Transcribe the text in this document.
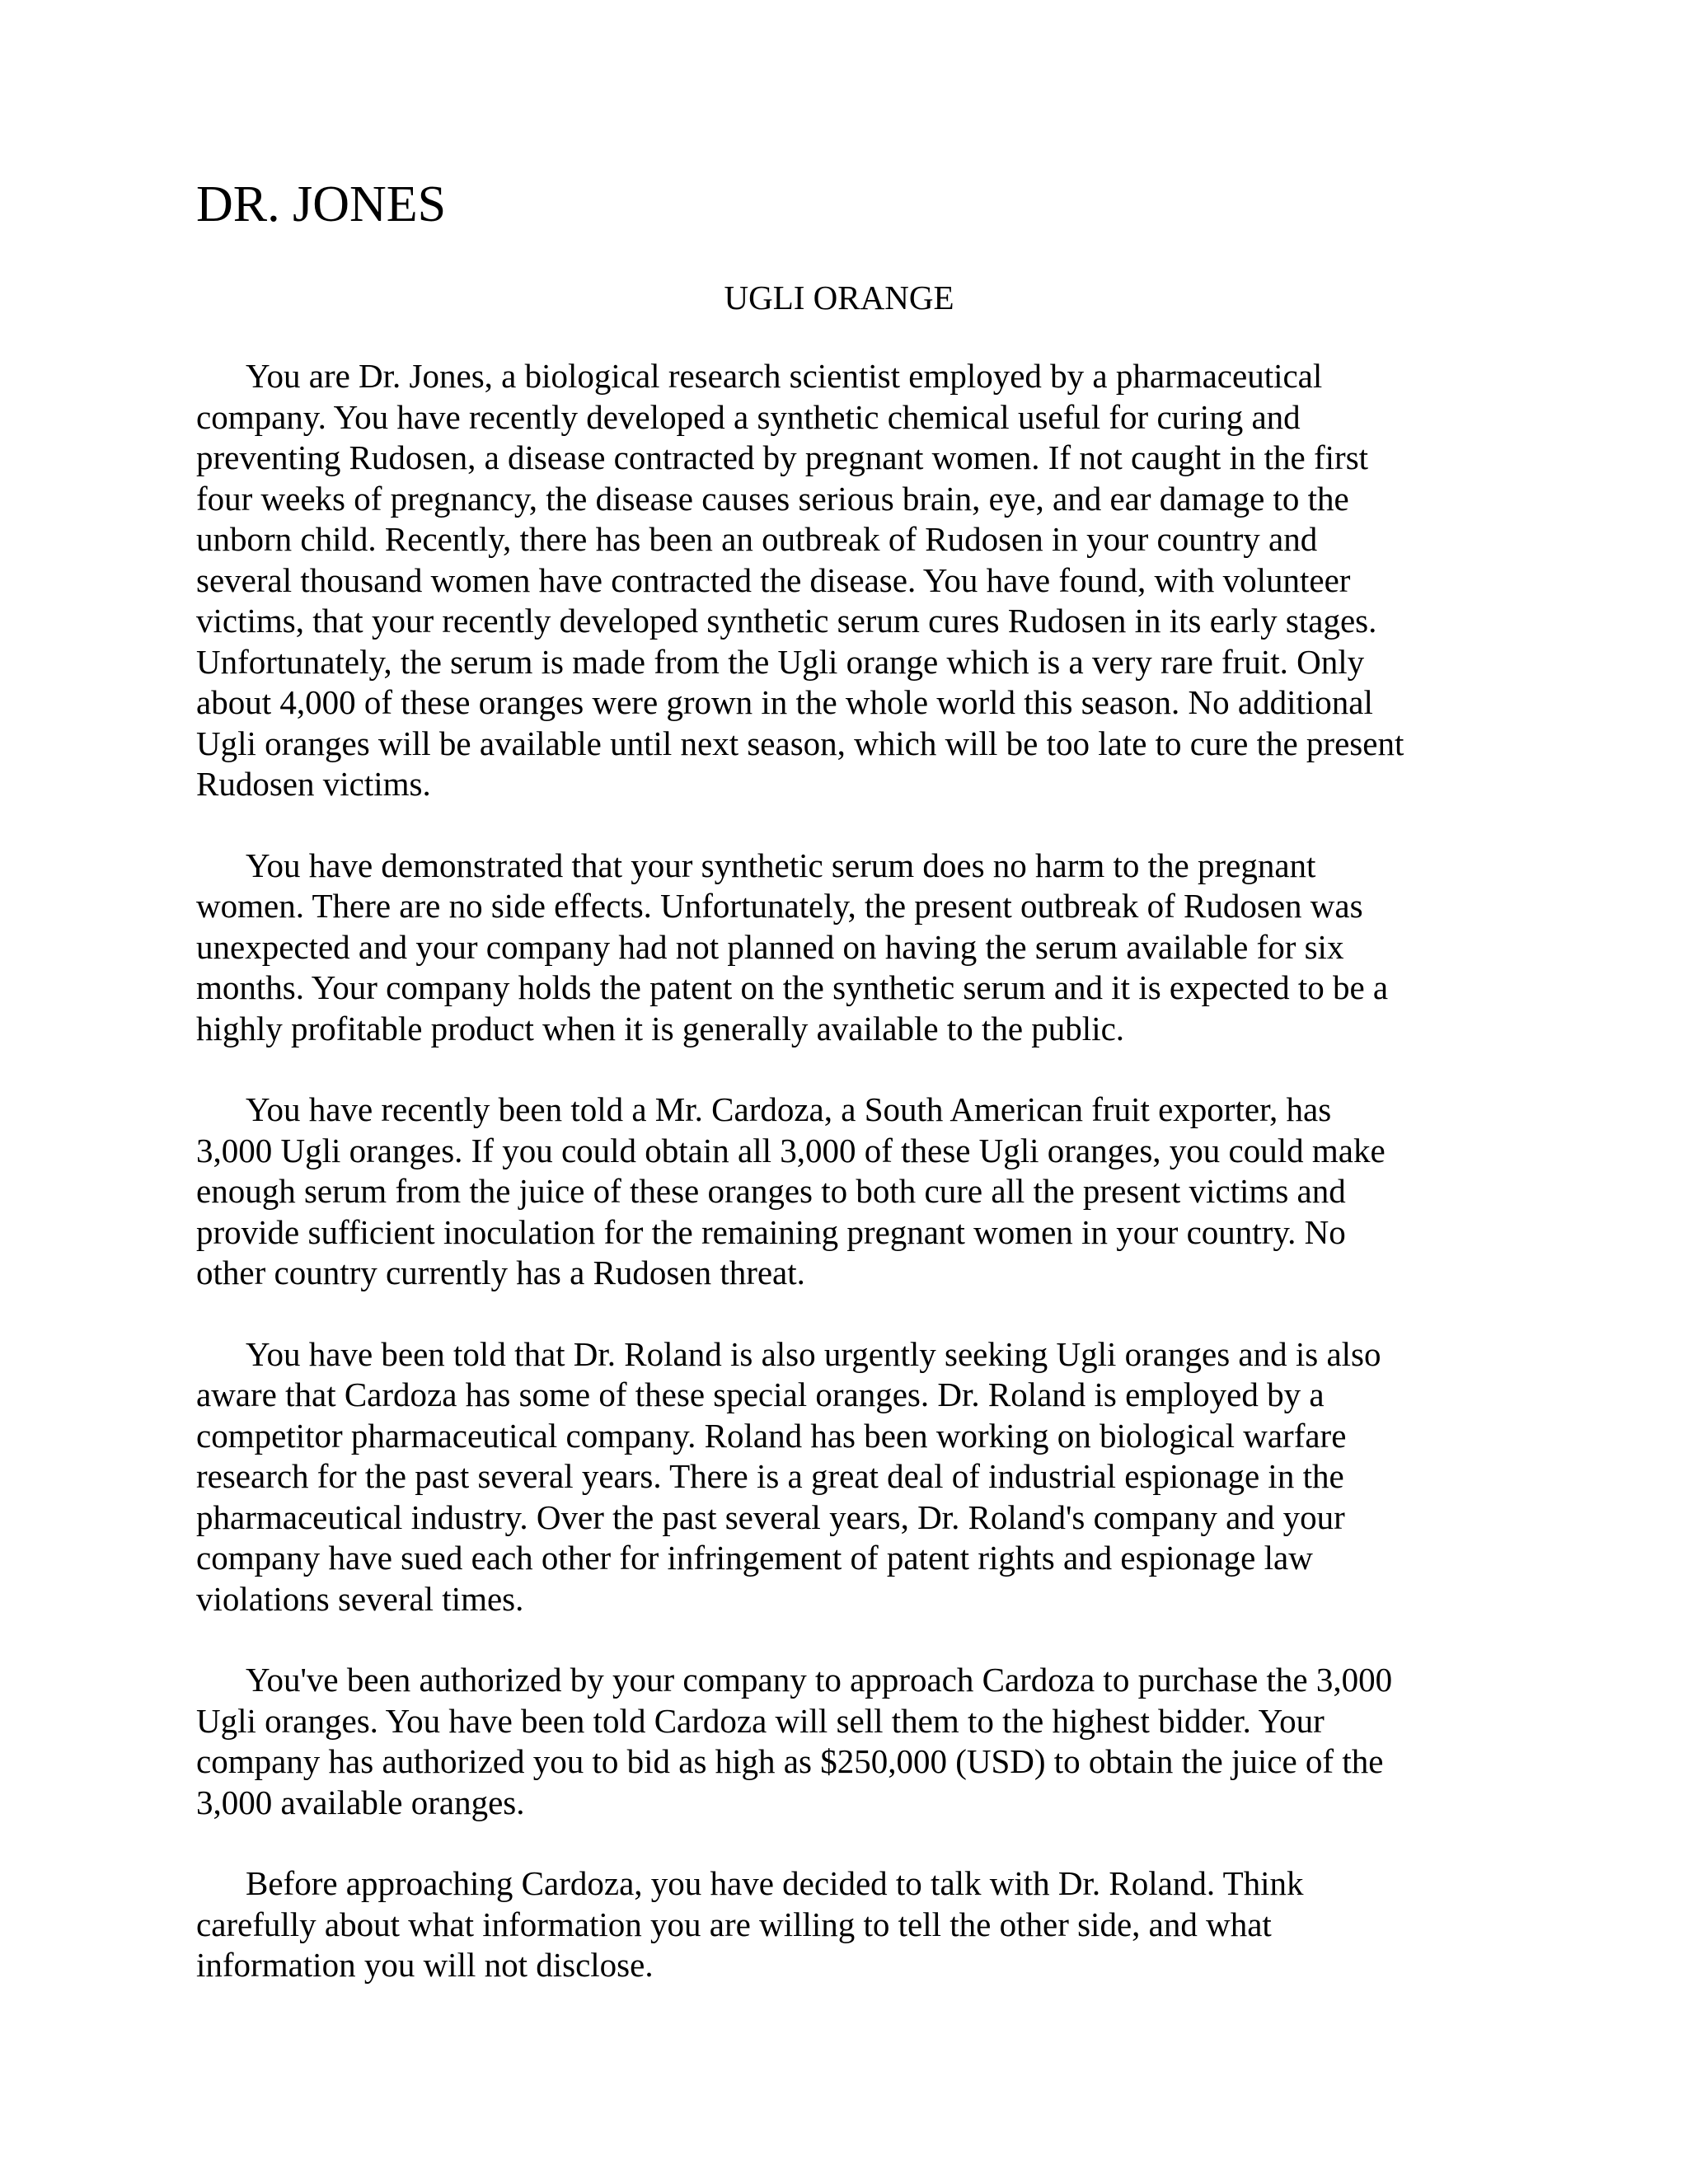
DR. JONES
UGLI ORANGE

You are Dr. Jones, a biological research scientist employed by a pharmaceutical
company. You have recently developed a synthetic chemical useful for curing and
preventing Rudosen, a disease contracted by pregnant women. If not caught in the first
four weeks of pregnancy, the disease causes serious brain, eye, and ear damage to the
unborn child. Recently, there has been an outbreak of Rudosen in your country and
several thousand women have contracted the disease. You have found, with volunteer
victims, that your recently developed synthetic serum cures Rudosen in its early stages.
Unfortunately, the serum is made from the Ugli orange which is a very rare fruit. Only
about 4,000 of these oranges were grown in the whole world this season. No additional
Ugli oranges will be available until next season, which will be too late to cure the present
Rudosen victims.

You have demonstrated that your synthetic serum does no harm to the pregnant
women. There are no side effects. Unfortunately, the present outbreak of Rudosen was
unexpected and your company had not planned on having the serum available for six
months. Your company holds the patent on the synthetic serum and it is expected to be a
highly profitable product when it is generally available to the public.

You have recently been told a Mr. Cardoza, a South American fruit exporter, has
3,000 Ugli oranges. If you could obtain all 3,000 of these Ugli oranges, you could make
enough serum from the juice of these oranges to both cure all the present victims and
provide sufficient inoculation for the remaining pregnant women in your country. No
other country currently has a Rudosen threat.

You have been told that Dr. Roland is also urgently seeking Ugli oranges and is also
aware that Cardoza has some of these special oranges. Dr. Roland is employed by a
competitor pharmaceutical company. Roland has been working on biological warfare
research for the past several years. There is a great deal of industrial espionage in the
pharmaceutical industry. Over the past several years, Dr. Roland's company and your
company have sued each other for infringement of patent rights and espionage law
violations several times.

You've been authorized by your company to approach Cardoza to purchase the 3,000
Ugli oranges. You have been told Cardoza will sell them to the highest bidder. Your
company has authorized you to bid as high as $250,000 (USD) to obtain the juice of the
3,000 available oranges.

Before approaching Cardoza, you have decided to talk with Dr. Roland. Think
carefully about what information you are willing to tell the other side, and what
information you will not disclose.
